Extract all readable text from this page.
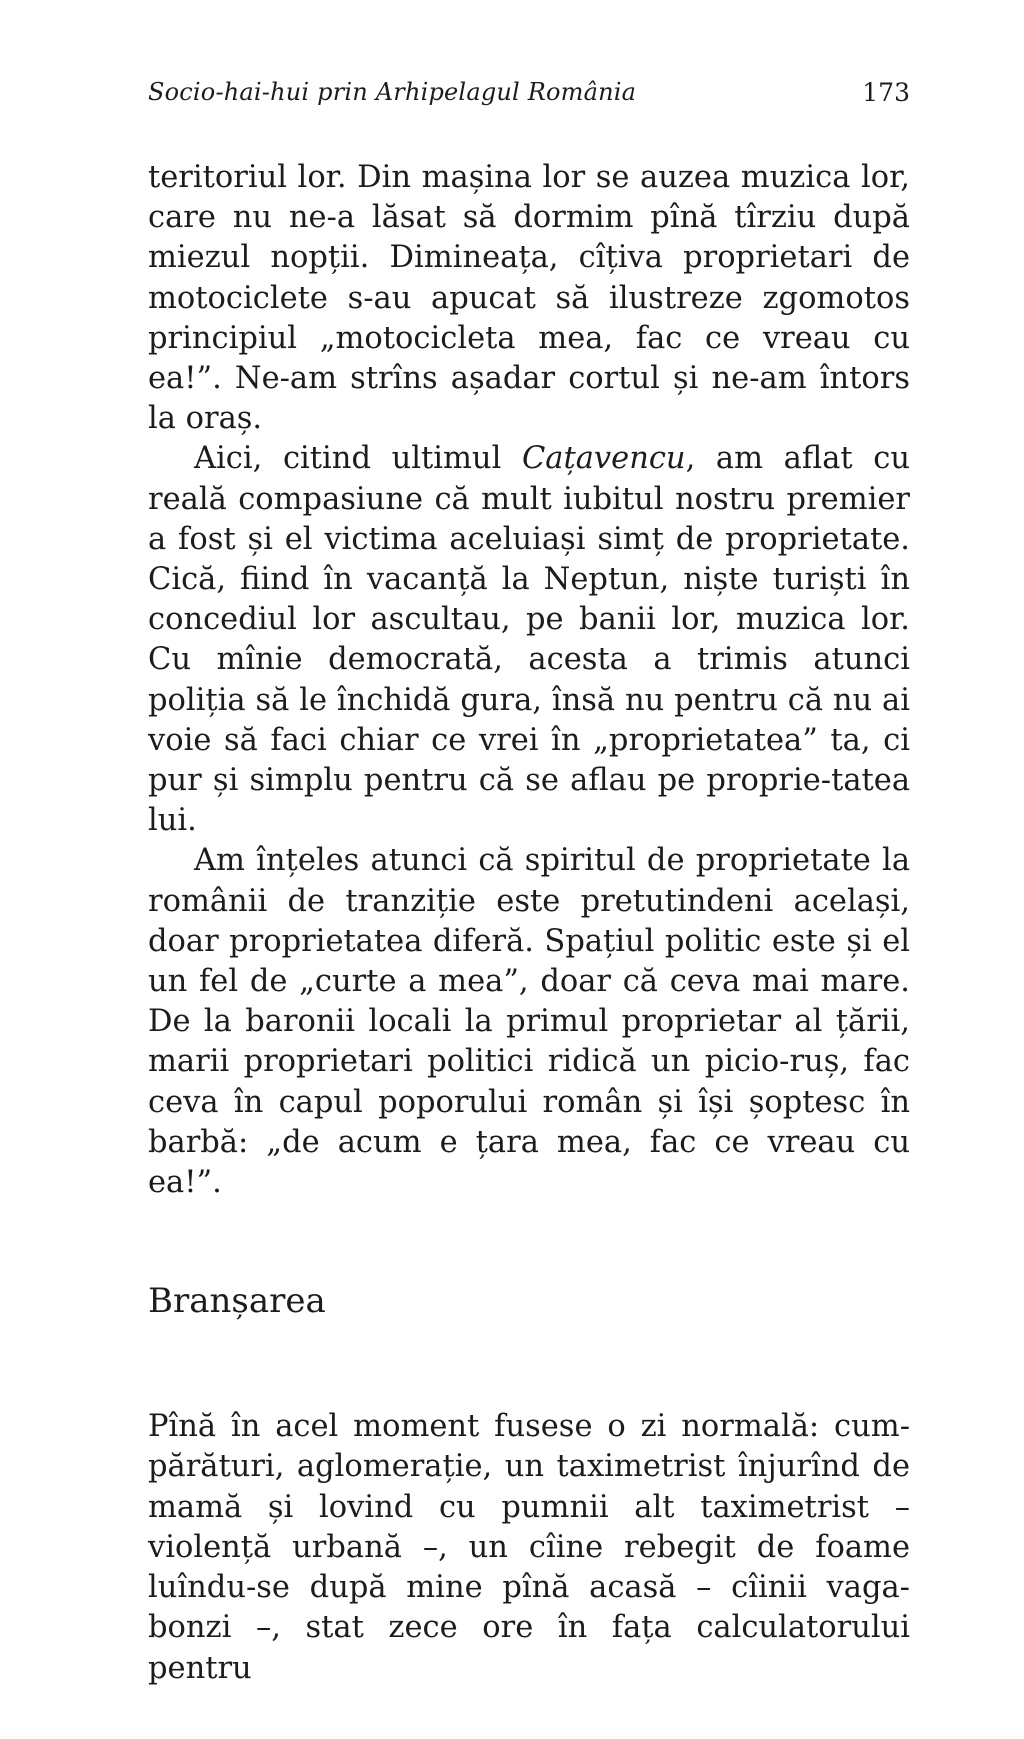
Socio-hai-hui prin Arhipelagul România	173

teritoriul lor. Din mașina lor se auzea muzica lor, care nu ne-a lăsat să dormim pînă tîrziu după miezul nopții. Dimineața, cîțiva proprietari de motociclete s-au apucat să ilustreze zgomotos principiul „motocicleta mea, fac ce vreau cu ea!”. Ne-am strîns așadar cortul și ne-am întors la oraș.

Aici, citind ultimul Cațavencu, am aflat cu reală compasiune că mult iubitul nostru premier a fost și el victima aceluiași simț de proprietate. Cică, fiind în vacanță la Neptun, niște turiști în concediul lor ascultau, pe banii lor, muzica lor. Cu mînie democrată, acesta a trimis atunci poliția să le închidă gura, însă nu pentru că nu ai voie să faci chiar ce vrei în „proprietatea” ta, ci pur și simplu pentru că se aflau pe proprie-tatea lui.

Am înțeles atunci că spiritul de proprietate la românii de tranziție este pretutindeni același, doar proprietatea diferă. Spațiul politic este și el un fel de „curte a mea”, doar că ceva mai mare. De la baronii locali la primul proprietar al țării, marii proprietari politici ridică un picio-ruș, fac ceva în capul poporului român și își șoptesc în barbă: „de acum e țara mea, fac ce vreau cu ea!”.

Branșarea

Pînă în acel moment fusese o zi normală: cum-părături, aglomerație, un taximetrist înjurînd de mamă și lovind cu pumnii alt taximetrist – violență urbană –, un cîine rebegit de foame luîndu-se după mine pînă acasă – cîinii vaga-bonzi –, stat zece ore în fața calculatorului pentru
